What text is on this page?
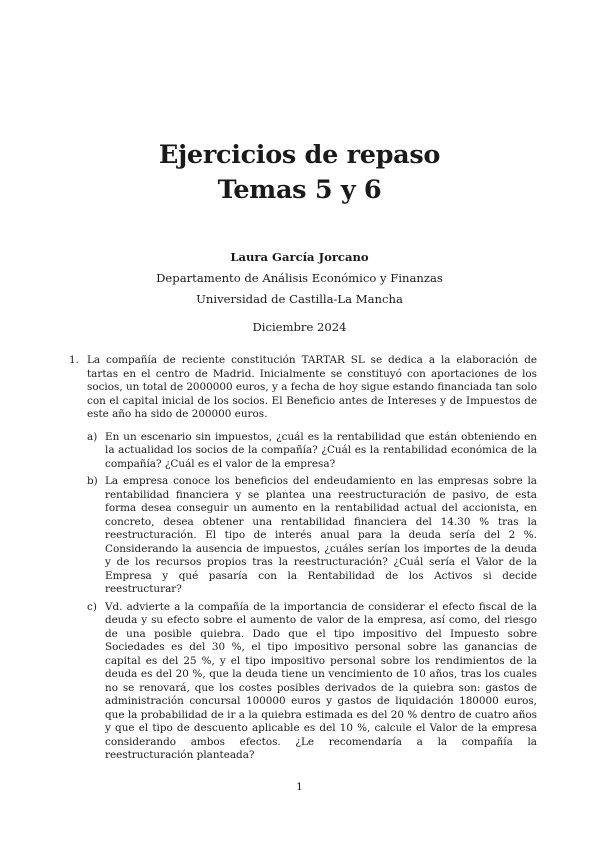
Ejercicios de repaso
Temas 5 y 6
Laura García Jorcano
Departamento de Análisis Económico y Finanzas
Universidad de Castilla-La Mancha
Diciembre 2024
1. La compañía de reciente constitución TARTAR SL se dedica a la elaboración de tartas en el centro de Madrid. Inicialmente se constituyó con aportaciones de los socios, un total de 2000000 euros, y a fecha de hoy sigue estando financiada tan solo con el capital inicial de los socios. El Beneficio antes de Intereses y de Impuestos de este año ha sido de 200000 euros.
a) En un escenario sin impuestos, ¿cuál es la rentabilidad que están obteniendo en la actualidad los socios de la compañía? ¿Cuál es la rentabilidad económica de la compañía? ¿Cuál es el valor de la empresa?
b) La empresa conoce los beneficios del endeudamiento en las empresas sobre la rentabilidad financiera y se plantea una reestructuración de pasivo, de esta forma desea conseguir un aumento en la rentabilidad actual del accionista, en concreto, desea obtener una rentabilidad financiera del 14.30 % tras la reestructuración. El tipo de interés anual para la deuda sería del 2 %. Considerando la ausencia de impuestos, ¿cuáles serían los importes de la deuda y de los recursos propios tras la reestructuración? ¿Cuál sería el Valor de la Empresa y qué pasaría con la Rentabilidad de los Activos si decide reestructurar?
c) Vd. advierte a la compañía de la importancia de considerar el efecto fiscal de la deuda y su efecto sobre el aumento de valor de la empresa, así como, del riesgo de una posible quiebra. Dado que el tipo impositivo del Impuesto sobre Sociedades es del 30 %, el tipo impositivo personal sobre las ganancias de capital es del 25 %, y el tipo impositivo personal sobre los rendimientos de la deuda es del 20 %, que la deuda tiene un vencimiento de 10 años, tras los cuales no se renovará, que los costes posibles derivados de la quiebra son: gastos de administración concursal 100000 euros y gastos de liquidación 180000 euros, que la probabilidad de ir a la quiebra estimada es del 20 % dentro de cuatro años y que el tipo de descuento aplicable es del 10 %, calcule el Valor de la empresa considerando ambos efectos. ¿Le recomendaría a la compañía la reestructuración planteada?
1
